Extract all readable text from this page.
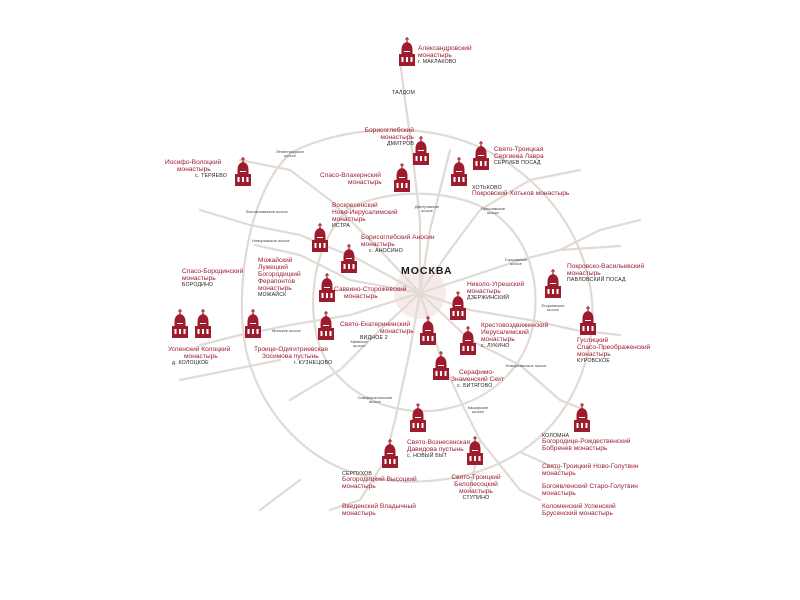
МОСКВА
ТАЛДОМ
Ленинградское шоссе
Дмитровское шоссе	Ярославское шоссе
Волоколамское шоссе
Новорижское шоссе
Горьковское шоссе
Егорьевское шоссе
Минское шоссе
Киевское шоссе
Новорязанское шоссе
Симферопольское шоссе
Каширское шоссе
Александровский
монастырь
г. МАКЛАКОВО
Борисоглебский
монастырь
ДМИТРОВ
Свято-Троицкая
Сергиева Лавра
СЕРГИЕВ ПОСАД
Иосифо-Волоцкий
монастырь
с. ТЕРЯЕВО	Спасо-Влахернский
монастырь
ХОТЬКОВО
Покровский Хотьков монастырь
Воскресенский
Ново-Иерусалимский
монастырь
ИСТРА
Борисоглебский Аносин
монастырь
с. АНОСИНО
Покровско-Васильевский
монастырь
ПАВЛОВСКИЙ ПОСАД
Можайский
Лужецкий
Богородицкий
Ферапонтов
монастырь
МОЖАЙСК
Спасо-Бородинский
монастырь
БОРОДИНО
Саввино-Сторожевский
монастырь
Николо-Угрешский
монастырь
ДЗЕРЖИНСКИЙ
Свято-Екатерининский
монастырь
ВИДНОЕ 2
Крестовоздвиженский
Иерусалимский
монастырь
с. ЛУКИНО
Гуслицкий
Спасо-Преображенский
монастырь
КУРОВСКОЕ
Успенский Колоцкий
монастырь
д. КОЛОЦКОЕ
Троице-Одигитриевская
Зосимова пустынь
г. КУЗНЕЦОВО
Серафимо-
Знаменский Скит
с. БИТЯГОВО
Свято-Вознесенская
Давидова пустынь
с. НОВЫЙ БЫТ
Свято-Троицкий
Белопесоцкий
монастырь
СТУПИНО
СЕРПУХОВ
Богородицкий Высоцкий
монастырь
Введенский Владычный
монастырь
КОЛОМНА
Богородице-Рождественский
Бобренев монастырь
Свято-Троицкий Ново-Голутвин
монастырь
Богоявленский Старо-Голутвин
монастырь
Коломенский Успенский
Брусенский монастырь
